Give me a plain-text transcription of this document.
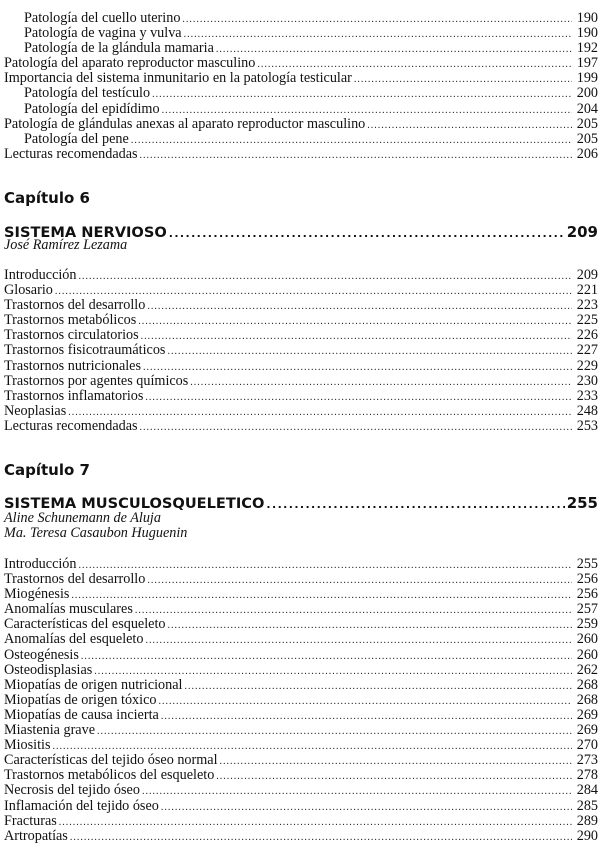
Patología del cuello uterino .....	190
Patología de vagina y vulva .....	190
Patología de la glándula mamaria .....	192
Patología del aparato reproductor masculino .....	197
Importancia del sistema inmunitario en la patología testicular .....	199
Patología del testículo .....	200
Patología del epidídimo .....	204
Patología de glándulas anexas al aparato reproductor masculino .....	205
Patología del pene .....	205
Lecturas recomendadas .....	206
Capítulo 6
SISTEMA NERVIOSO .....	209
José Ramírez Lezama
Introducción .....	209
Glosario .....	221
Trastornos del desarrollo .....	223
Trastornos metabólicos .....	225
Trastornos circulatorios .....	226
Trastornos fisicotraumáticos .....	227
Trastornos nutricionales .....	229
Trastornos por agentes químicos .....	230
Trastornos inflamatorios .....	233
Neoplasias .....	248
Lecturas recomendadas .....	253
Capítulo 7
SISTEMA MUSCULOSQUELETICO .....	255
Aline Schunemann de Aluja
Ma. Teresa Casaubon Huguenin
Introducción .....	255
Trastornos del desarrollo .....	256
Miogénesis .....	256
Anomalías musculares .....	257
Características del esqueleto .....	259
Anomalías del esqueleto .....	260
Osteogénesis .....	260
Osteodisplasias .....	262
Miopatías de origen nutricional .....	268
Miopatías de origen tóxico .....	268
Miopatías de causa incierta .....	269
Miastenia grave .....	269
Miositis .....	270
Características del tejido óseo normal .....	273
Trastornos metabólicos del esqueleto .....	278
Necrosis del tejido óseo .....	284
Inflamación del tejido óseo .....	285
Fracturas .....	289
Artropatías .....	290
